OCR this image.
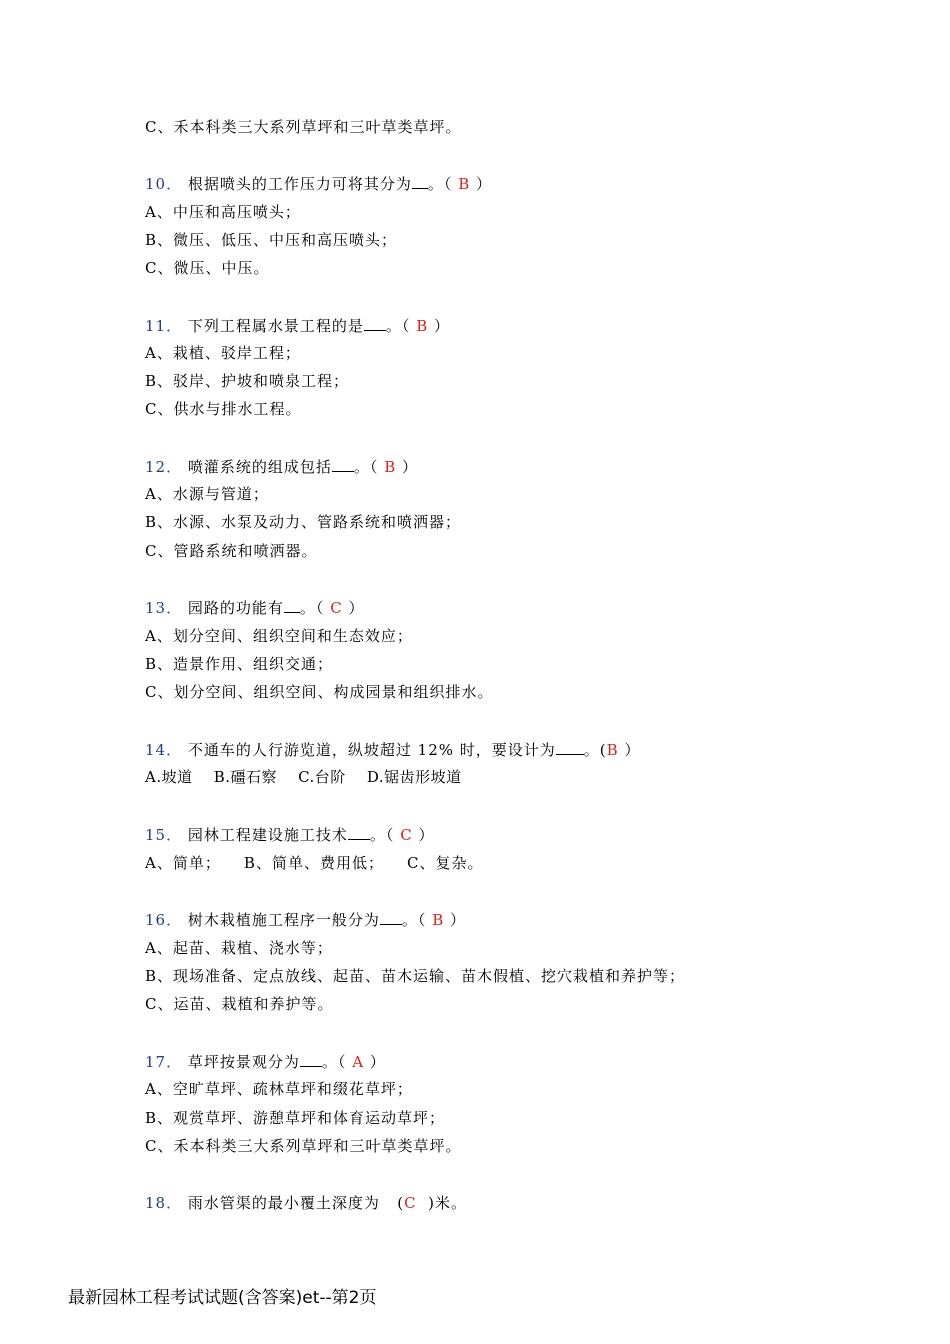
C、禾本科类三大系列草坪和三叶草类草坪。
10． 根据喷头的工作压力可将其分为 。（ B ）
A、中压和高压喷头；
B、微压、低压、中压和高压喷头；
C、微压、中压。
11． 下列工程属水景工程的是 。（ B ）
A、栽植、驳岸工程；
B、驳岸、护坡和喷泉工程；
C、供水与排水工程。
12． 喷灌系统的组成包括 。（ B ）
A、水源与管道；
B、水源、水泵及动力、管路系统和喷洒器；
C、管路系统和喷洒器。
13． 园路的功能有 。（ C ）
A、划分空间、组织空间和生态效应；
B、造景作用、组织交通；
C、划分空间、组织空间、构成园景和组织排水。
14． 不通车的人行游览道，纵坡超过 12% 时，要设计为 。(B ）
A.坡道 B.礓石察 C.台阶 D.锯齿形坡道
15． 园林工程建设施工技术 。（ C ）
A、简单； B、简单、费用低； C、复杂。
16． 树木栽植施工程序一般分为 。（ B ）
A、起苗、栽植、浇水等；
B、现场准备、定点放线、起苗、苗木运输、苗木假植、挖穴栽植和养护等；
C、运苗、栽植和养护等。
17． 草坪按景观分为 。（ A ）
A、空旷草坪、疏林草坪和缀花草坪；
B、观赏草坪、游憩草坪和体育运动草坪；
C、禾本科类三大系列草坪和三叶草类草坪。
18． 雨水管渠的最小覆土深度为 (C )米。
最新园林工程考试试题(含答案)et--第2页
